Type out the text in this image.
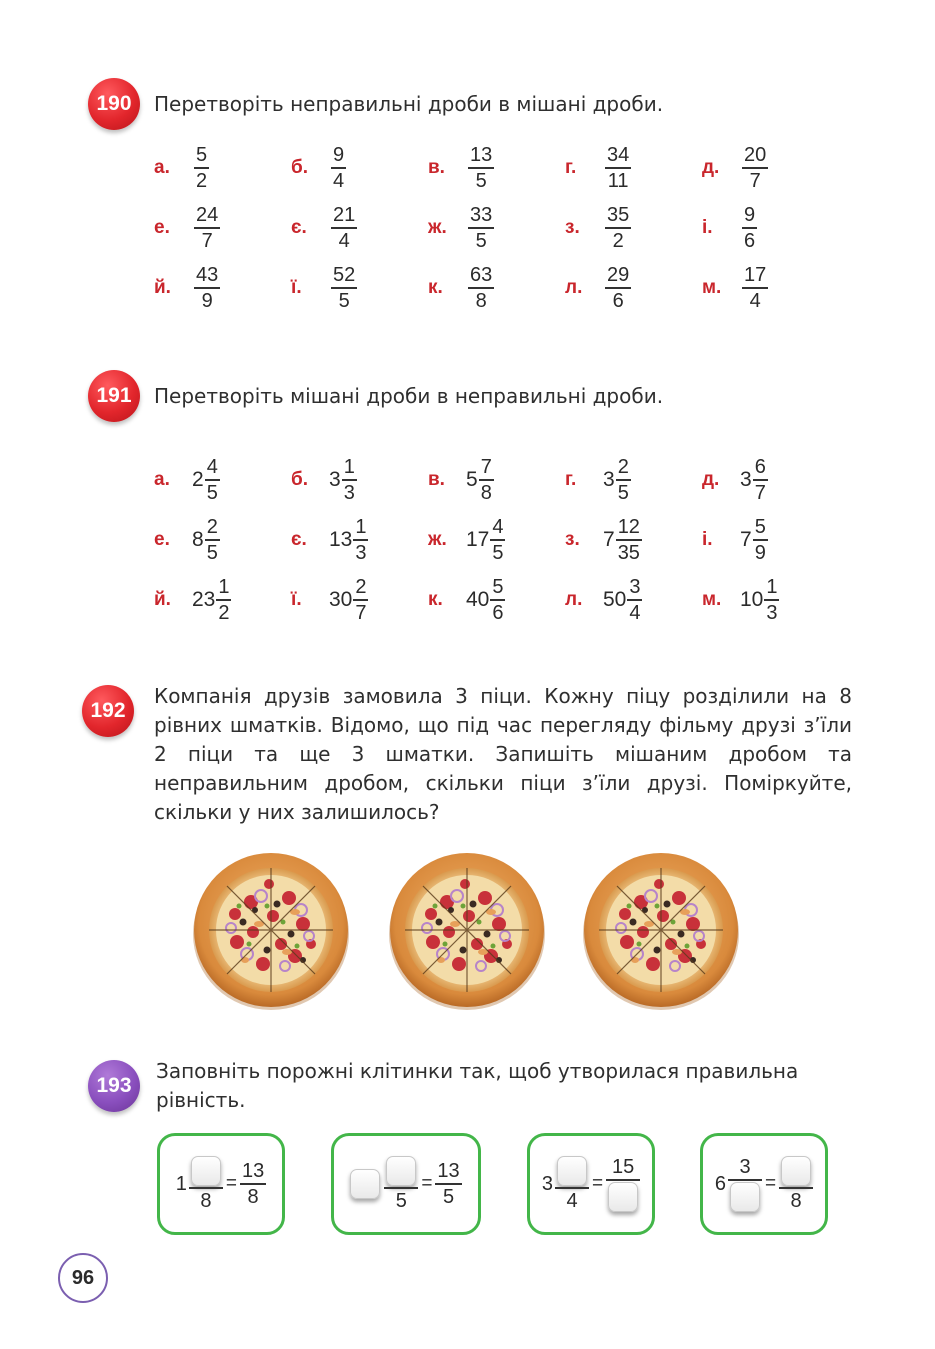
190	Перетворіть неправильні дроби в мішані дроби.
а.	$\frac{5}{2}$	б.	$\frac{9}{4}$	в.	$\frac{13}{5}$	г.	$\frac{34}{11}$	д.	$\frac{20}{7}$
е.	$\frac{24}{7}$	є.	$\frac{21}{4}$	ж.	$\frac{33}{5}$	з.	$\frac{35}{2}$	і.	$\frac{9}{6}$
й.	$\frac{43}{9}$	ї.	$\frac{52}{5}$	к.	$\frac{63}{8}$	л.	$\frac{29}{6}$	м.	$\frac{17}{4}$
191	Перетворіть мішані дроби в неправильні дроби.
а.	$2 \frac{4}{5}$	б. $3 \frac{1}{3}$	в.	$5 \frac{7}{8}$	г.	$3 \frac{2}{5}$	д. $3 \frac{6}{7}$
е.	$8 \frac{2}{5}$	є.	$13 \frac{1}{3}$	ж. $17 \frac{4}{5}$	з.	$7 \frac{12}{35}$	і.	$7 \frac{5}{9}$
й.	$23 \frac{1}{2}$	ї.	$30 \frac{2}{7}$	к.	$40 \frac{5}{6}$	л. $50 \frac{3}{4}$	м. $10 \frac{1}{3}$
192
Компанія друзів замовила 3 піци. Кожну піцу розділили на 8 рівних шматків. Відомо, що під час перегляду фільму друзі з’їли 2 піци та ще 3 шматки. Запишіть мішаним дробом та неправильним дробом, скільки піци з’їли друзі. Поміркуйте, скільки у них залишилось?
193
Заповніть порожні клітинки так, щоб утворилася правильна рівність.
1
8
= $\frac{13}{8}$	5
= $\frac{13}{5}$	3
4
=
15
6
3
=
8
96
